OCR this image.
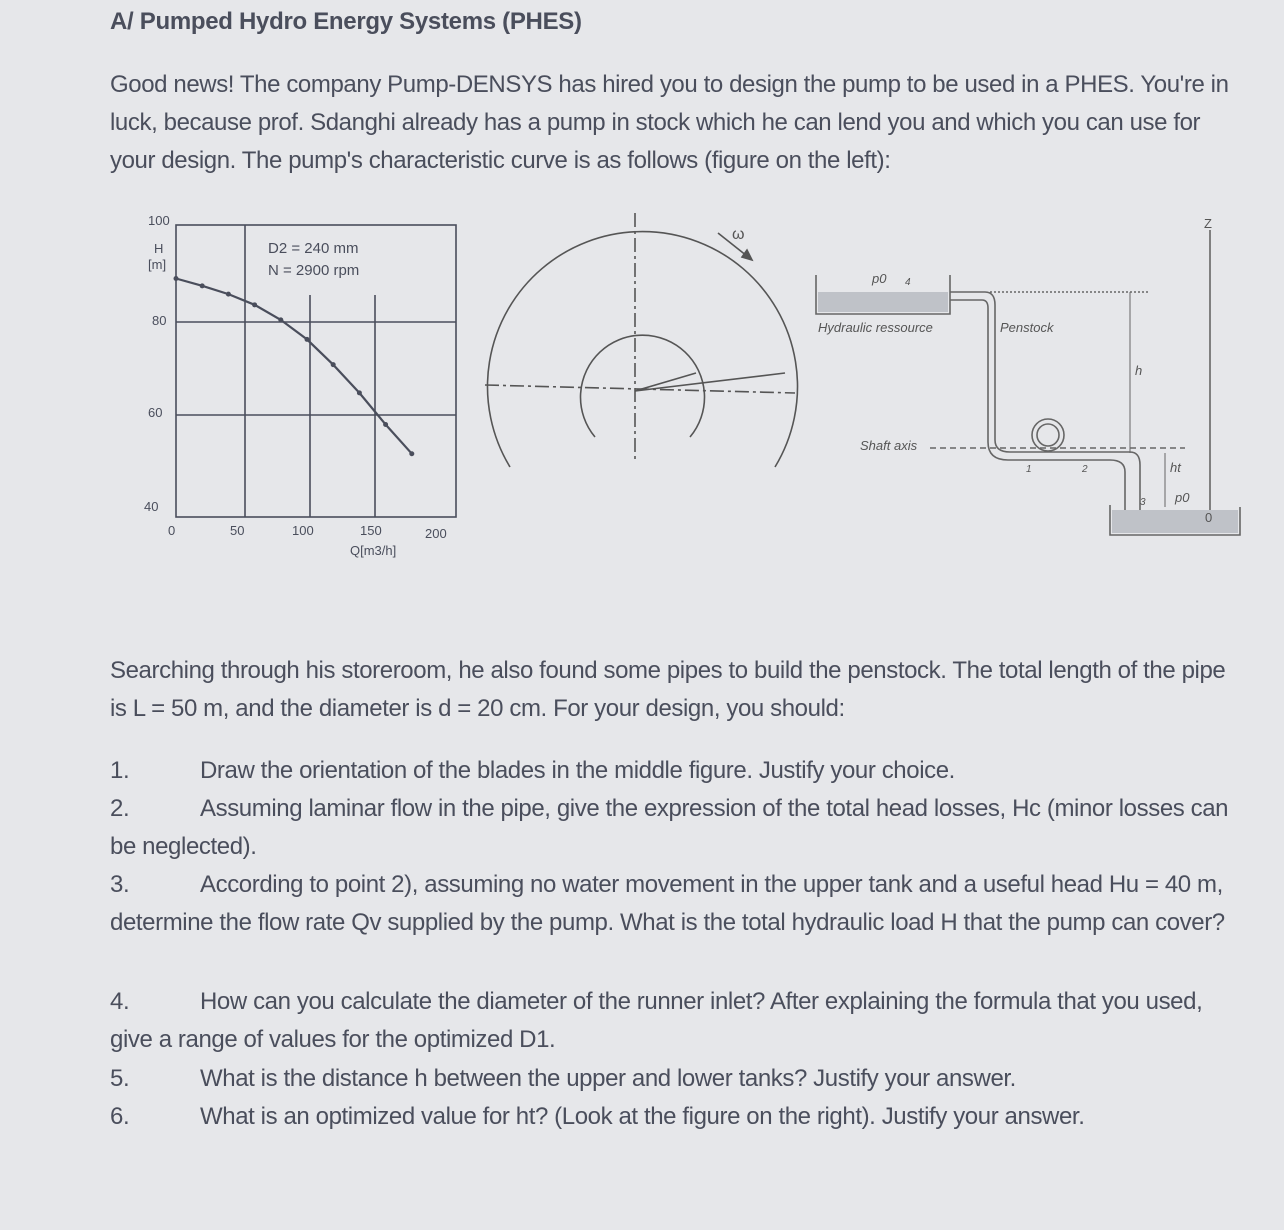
A/ Pumped Hydro Energy Systems (PHES)
Good news! The company Pump-DENSYS has hired you to design the pump to be used in a PHES. You're in luck, because prof. Sdanghi already has a pump in stock which he can lend you and which you can use for your design. The pump's characteristic curve is as follows (figure on the left):
100
H
[m]
80
60
40
0	50	100	150	200
Q[m3/h]
D2 = 240 mm
N = 2900 rpm
ω
p0 4
Hydraulic ressource	Penstock
h
Shaft axis
1	2
3
ht
p0
Z
0
Searching through his storeroom, he also found some pipes to build the penstock. The total length of the pipe is L = 50 m, and the diameter is d = 20 cm. For your design, you should:
1.	Draw the orientation of the blades in the middle figure. Justify your choice.
2.	Assuming laminar flow in the pipe, give the expression of the total head losses, Hc (minor losses can be neglected).
3.	According to point 2), assuming no water movement in the upper tank and a useful head Hu = 40 m, determine the flow rate Qv supplied by the pump. What is the total hydraulic load H that the pump can cover?
4.	How can you calculate the diameter of the runner inlet? After explaining the formula that you used, give a range of values for the optimized D1.
5.	What is the distance h between the upper and lower tanks? Justify your answer.
6.	What is an optimized value for ht? (Look at the figure on the right). Justify your answer.
